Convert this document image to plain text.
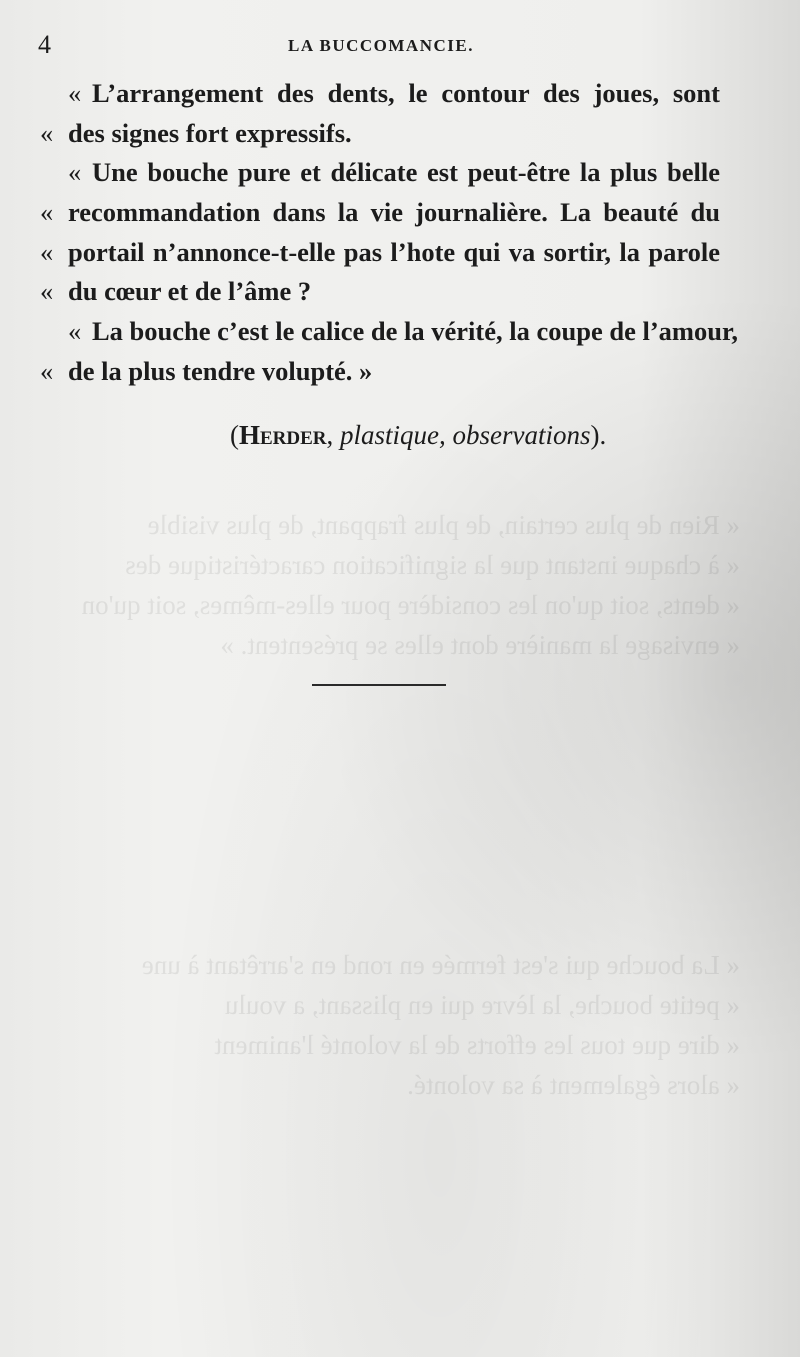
« Rien de plus certain, de plus frappant, de plus visible
« à chaque instant que la signification caractéristique des
« dents, soit qu'on les considère pour elles-mêmes, soit qu'on
« envisage la manière dont elles se présentent. »
« La bouche qui s'est fermée en rond en s'arrêtant à une
« petite bouche, la lèvre qui en plissant, a voulu
« dire que tous les efforts de la volonté l'animent
« alors également à sa volonté.
4	LA BUCCOMANCIE.
« L’arrangement des dents, le contour des joues, sont
« des signes fort expressifs.
« Une bouche pure et délicate est peut-être la plus belle
« recommandation dans la vie journalière. La beauté du
« portail n’annonce-t-elle pas l’hote qui va sortir, la parole
« du cœur et de l’âme ?
« La bouche c’est le calice de la vérité, la coupe de l’amour,
« de la plus tendre volupté. »
(Herder, plastique, observations).
